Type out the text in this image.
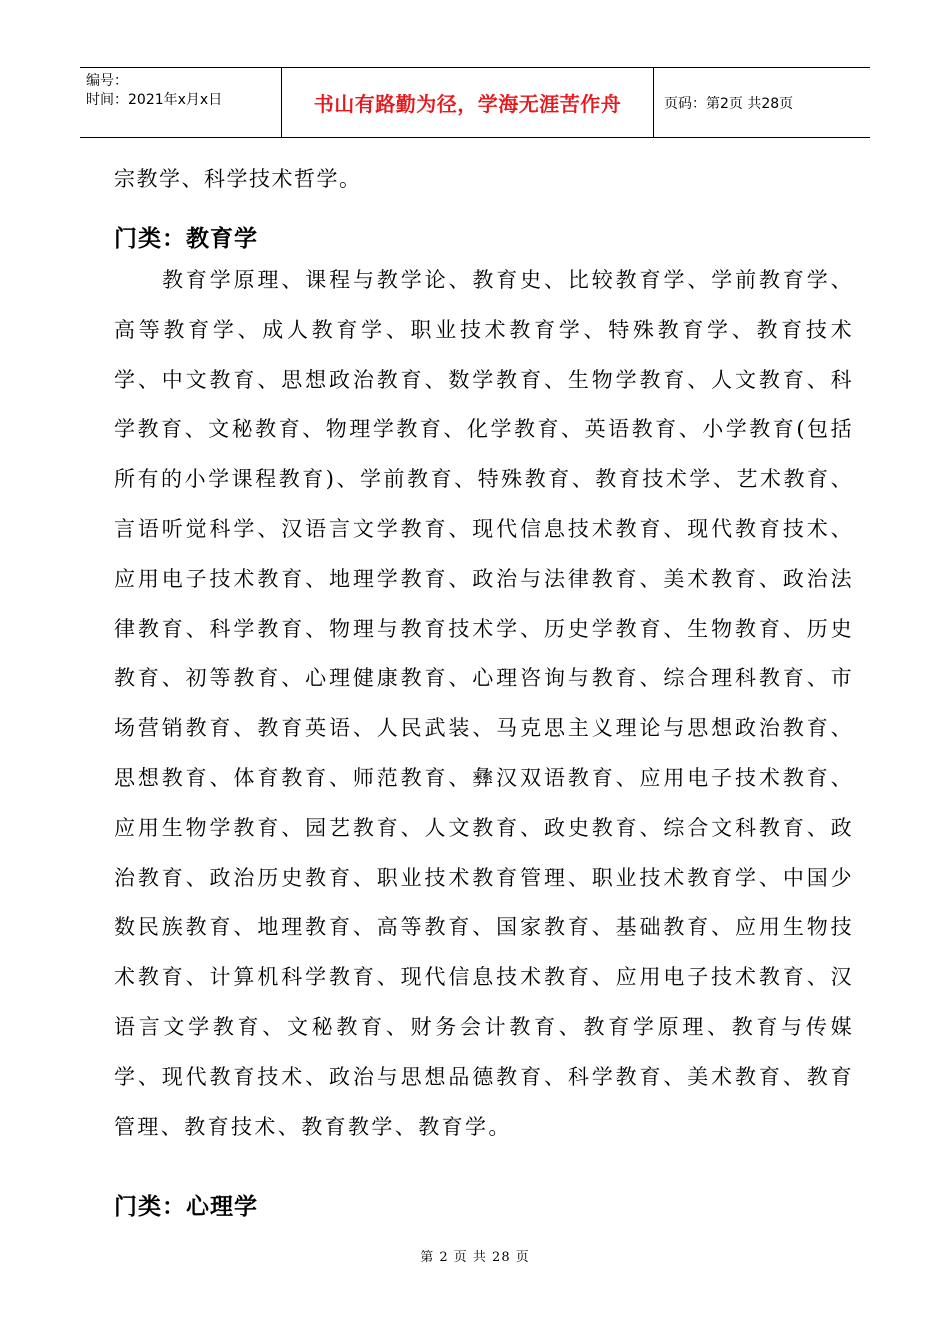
编号：
时间：2021年x月x日	书山有路勤为径，学海无涯苦作舟	页码：第2页 共28页

宗教学、科学技术哲学。

门类：教育学

教育学原理、课程与教学论、教育史、比较教育学、学前教育学、高等教育学、成人教育学、职业技术教育学、特殊教育学、教育技术学、中文教育、思想政治教育、数学教育、生物学教育、人文教育、科学教育、文秘教育、物理学教育、化学教育、英语教育、小学教育(包括所有的小学课程教育)、学前教育、特殊教育、教育技术学、艺术教育、言语听觉科学、汉语言文学教育、现代信息技术教育、现代教育技术、应用电子技术教育、地理学教育、政治与法律教育、美术教育、政治法律教育、科学教育、物理与教育技术学、历史学教育、生物教育、历史教育、初等教育、心理健康教育、心理咨询与教育、综合理科教育、市场营销教育、教育英语、人民武装、马克思主义理论与思想政治教育、思想教育、体育教育、师范教育、彝汉双语教育、应用电子技术教育、应用生物学教育、园艺教育、人文教育、政史教育、综合文科教育、政治教育、政治历史教育、职业技术教育管理、职业技术教育学、中国少数民族教育、地理教育、高等教育、国家教育、基础教育、应用生物技术教育、计算机科学教育、现代信息技术教育、应用电子技术教育、汉语言文学教育、文秘教育、财务会计教育、教育学原理、教育与传媒学、现代教育技术、政治与思想品德教育、科学教育、美术教育、教育管理、教育技术、教育教学、教育学。

门类：心理学
第 2 页 共 28 页
